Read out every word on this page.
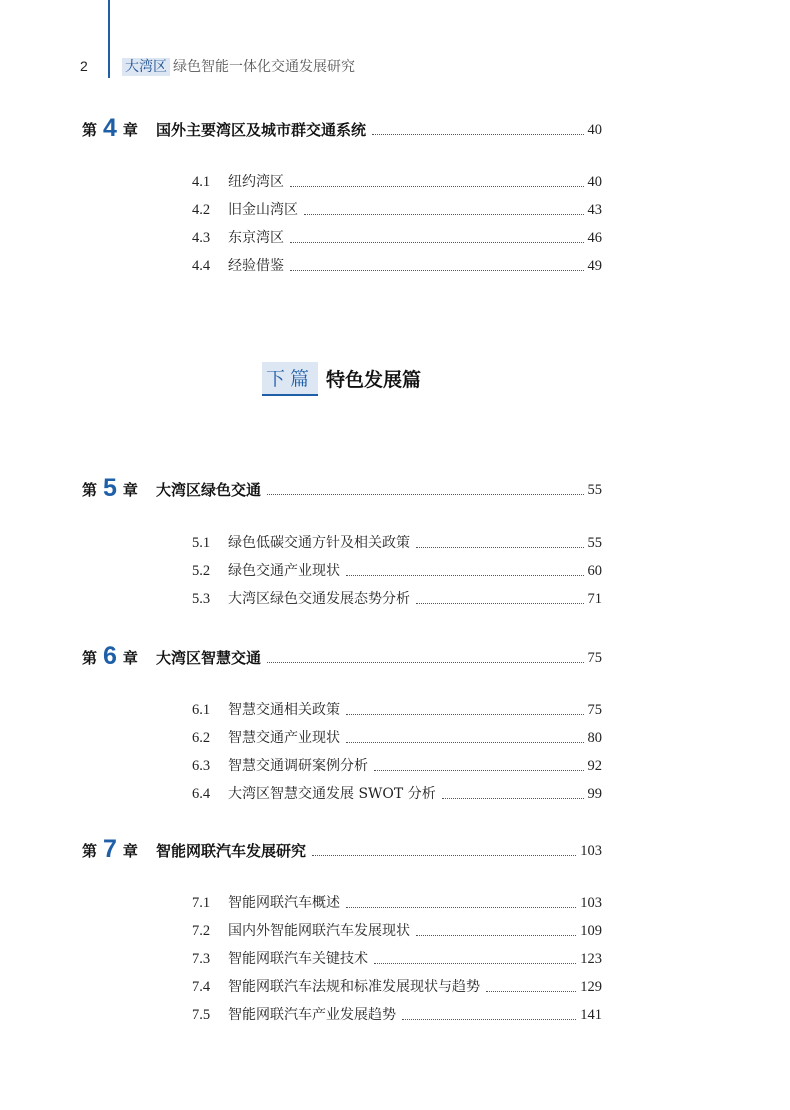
2	大湾区 绿色智能一体化交通发展研究
第 4 章 国外主要湾区及城市群交通系统	40
4.1	纽约湾区	40
4.2	旧金山湾区	43
4.3	东京湾区	46
4.4	经验借鉴	49
下篇 特色发展篇
第 5 章 大湾区绿色交通	55
5.1	绿色低碳交通方针及相关政策	55
5.2	绿色交通产业现状	60
5.3	大湾区绿色交通发展态势分析	71
第 6 章 大湾区智慧交通	75
6.1	智慧交通相关政策	75
6.2	智慧交通产业现状	80
6.3	智慧交通调研案例分析	92
6.4	大湾区智慧交通发展 SWOT 分析	99
第 7 章 智能网联汽车发展研究	103
7.1	智能网联汽车概述	103
7.2	国内外智能网联汽车发展现状	109
7.3	智能网联汽车关键技术	123
7.4	智能网联汽车法规和标准发展现状与趋势	129
7.5	智能网联汽车产业发展趋势	141
